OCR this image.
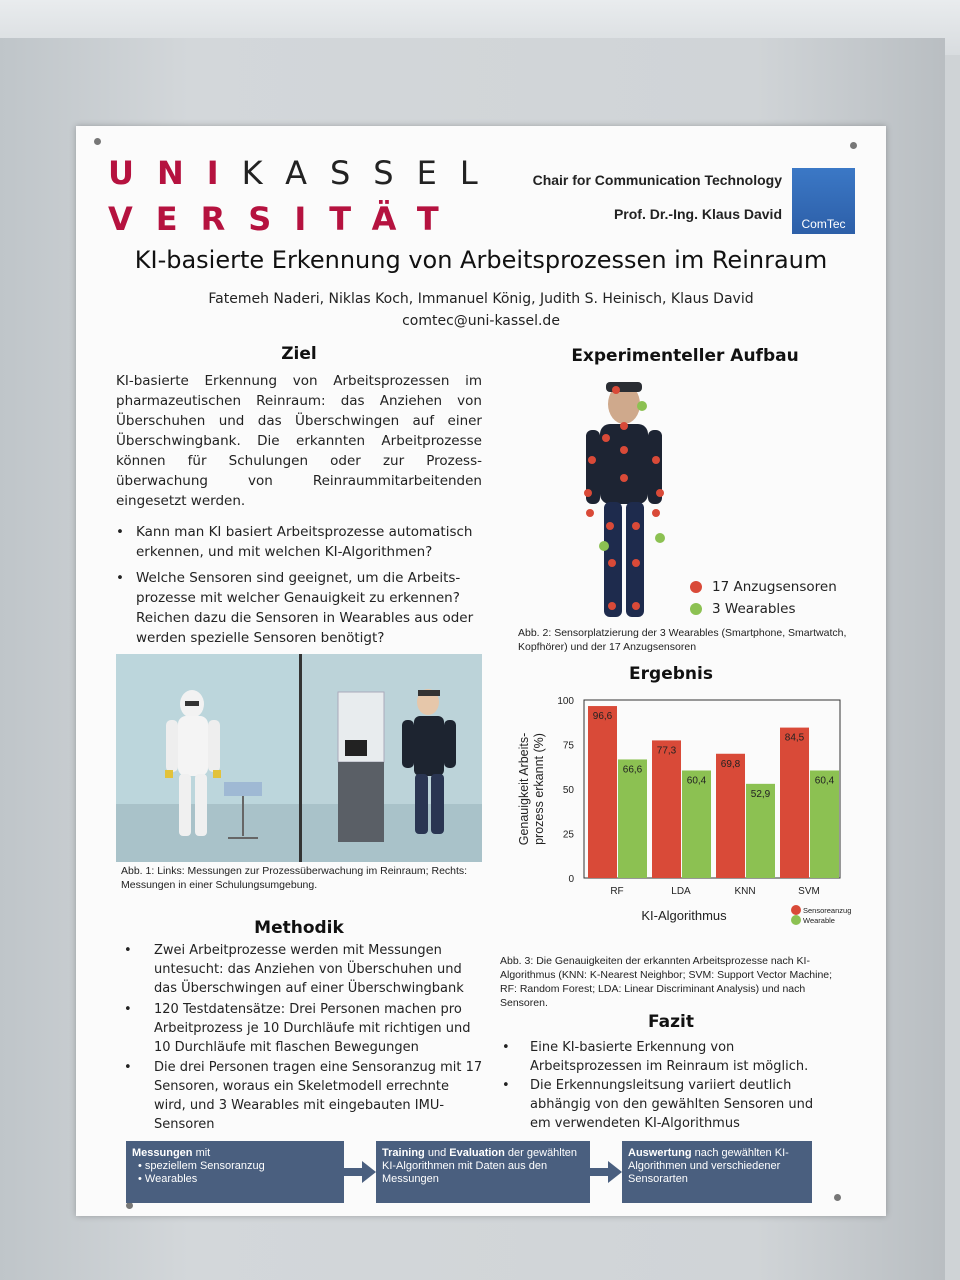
UNIKASSEL
VERSITÄT
Chair for Communication Technology
Prof. Dr.-Ing. Klaus David
ComTec
KI-basierte Erkennung von Arbeitsprozessen im Reinraum
Fatemeh Naderi, Niklas Koch, Immanuel König, Judith S. Heinisch, Klaus David
comtec@uni-kassel.de
Ziel
KI-basierte Erkennung von Arbeitsprozessen im pharmazeutischen Reinraum: das Anziehen von Überschuhen und das Überschwingen auf einer Überschwingbank. Die erkannten Arbeitprozesse können für Schulungen oder zur Prozess-überwachung von Reinraummitarbeitenden eingesetzt werden.
• Kann man KI basiert Arbeitsprozesse automatisch erkennen, und mit welchen KI-Algorithmen?
• Welche Sensoren sind geeignet, um die Arbeits-prozesse mit welcher Genauigkeit zu erkennen? Reichen dazu die Sensoren in Wearables aus oder werden spezielle Sensoren benötigt?
Abb. 1: Links: Messungen zur Prozessüberwachung im Reinraum; Rechts: Messungen in einer Schulungsumgebung.
Experimenteller Aufbau
17 Anzugsensoren
3 Wearables
Abb. 2: Sensorplatzierung der 3 Wearables (Smartphone, Smartwatch, Kopfhörer) und der 17 Anzugsensoren
Ergebnis
0
25
50
75
100
Genauigkeit Arbeits-prozess erkannt (%)
96,6
66,6
RF
77,3
60,4
LDA
69,8
52,9
KNN
84,5
60,4
SVM
KI-Algorithmus	Sensoreanzug
Wearable
Abb. 3: Die Genauigkeiten der erkannten Arbeitsprozesse nach KI-Algorithmus (KNN: K-Nearest Neighbor; SVM: Support Vector Machine; RF: Random Forest; LDA: Linear Discriminant Analysis) und nach Sensoren.
Methodik
• Zwei Arbeitprozesse werden mit Messungen untesucht: das Anziehen von Überschuhen und das Überschwingen auf einer Überschwingbank
• 120 Testdatensätze: Drei Personen machen pro Arbeitprozess je 10 Durchläufe mit richtigen und 10 Durchläufe mit flaschen Bewegungen
• Die drei Personen tragen eine Sensoranzug mit 17 Sensoren, woraus ein Skeletmodell errechnte wird, und 3 Wearables mit eingebauten IMU-Sensoren
Fazit
• Eine KI-basierte Erkennung von Arbeitsprozessen im Reinraum ist möglich.
• Die Erkennungsleitsung variiert deutlich abhängig von den gewählten Sensoren und em verwendeten KI-Algorithmus
Messungen mit
• speziellem Sensoranzug
• Wearables
Training und Evaluation der gewählten KI-Algorithmen mit Daten aus den Messungen
Auswertung nach gewählten KI-Algorithmen und verschiedener Sensorarten
